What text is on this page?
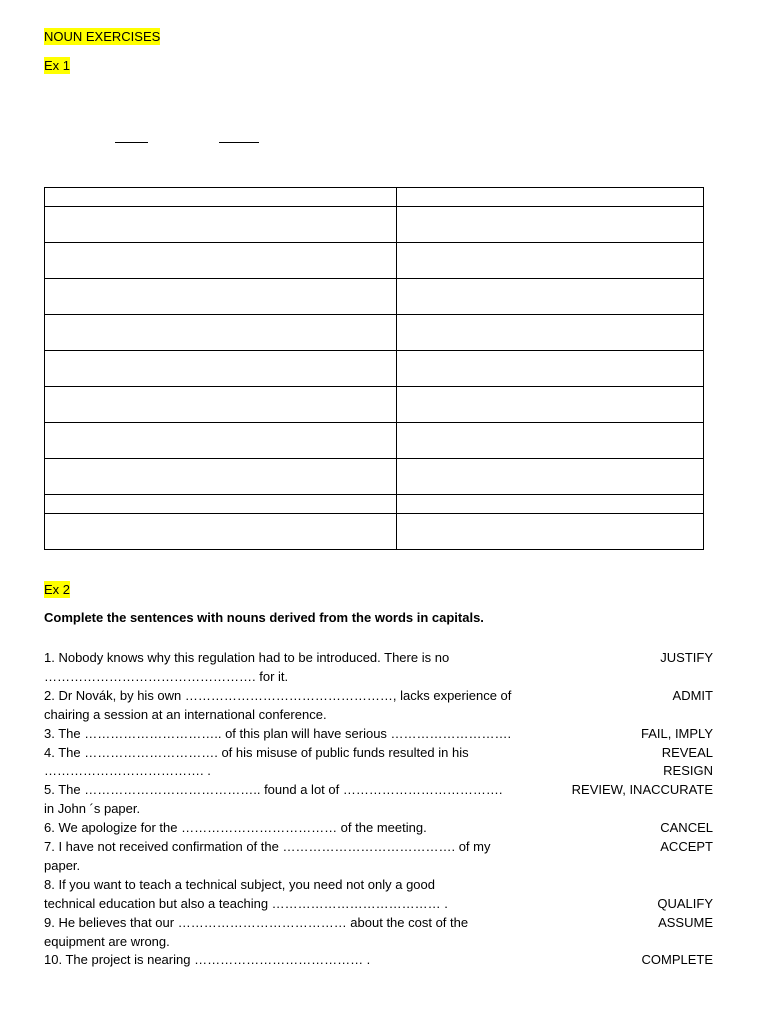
NOUN EXERCISES
Ex 1

Ex 2
Complete the sentences with nouns derived from the words in capitals.
1. Nobody knows why this regulation had to be introduced. There is no	JUSTIFY
…………………………………………. for it.
2. Dr Novák, by his own …………………………………………, lacks experience of	ADMIT
chairing a session at an international conference.
3. The ………………………….. of this plan will have serious ……………………….	FAIL, IMPLY
4. The …………………………. of his misuse of public funds resulted in his	REVEAL
………………………………. .	RESIGN
5. The ………………………………….. found a lot of ……………………………….	REVIEW, INACCURATE
in John ´s paper.
6. We apologize for the ……………………………… of the meeting.	CANCEL
7. I have not received confirmation of the …………………………………. of my	ACCEPT
paper.
8. If you want to teach a technical subject, you need not only a good
technical education but also a teaching ………………………………… .	QUALIFY
9. He believes that our ………………………………… about the cost of the	ASSUME
equipment are wrong.
10. The project is nearing ………………………………… .	COMPLETE
